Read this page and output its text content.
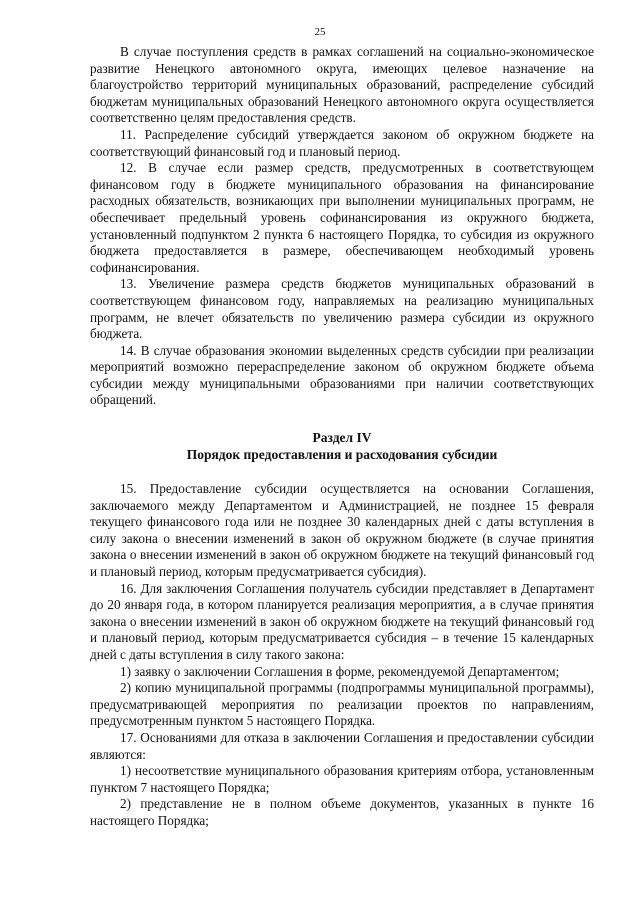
25

В случае поступления средств в рамках соглашений на социально-экономическое развитие Ненецкого автономного округа, имеющих целевое назначение на благоустройство территорий муниципальных образований, распределение субсидий бюджетам муниципальных образований Ненецкого автономного округа осуществляется соответственно целям предоставления средств.

11. Распределение субсидий утверждается законом об окружном бюджете на соответствующий финансовый год и плановый период.

12. В случае если размер средств, предусмотренных в соответствующем финансовом году в бюджете муниципального образования на финансирование расходных обязательств, возникающих при выполнении муниципальных программ, не обеспечивает предельный уровень софинансирования из окружного бюджета, установленный подпунктом 2 пункта 6 настоящего Порядка, то субсидия из окружного бюджета предоставляется в размере, обеспечивающем необходимый уровень софинансирования.

13. Увеличение размера средств бюджетов муниципальных образований в соответствующем финансовом году, направляемых на реализацию муниципальных программ, не влечет обязательств по увеличению размера субсидии из окружного бюджета.

14. В случае образования экономии выделенных средств субсидии при реализации мероприятий возможно перераспределение законом об окружном бюджете объема субсидии между муниципальными образованиями при наличии соответствующих обращений.

Раздел IV
Порядок предоставления и расходования субсидии

15. Предоставление субсидии осуществляется на основании Соглашения, заключаемого между Департаментом и Администрацией, не позднее 15 февраля текущего финансового года или не позднее 30 календарных дней с даты вступления в силу закона о внесении изменений в закон об окружном бюджете (в случае принятия закона о внесении изменений в закон об окружном бюджете на текущий финансовый год и плановый период, которым предусматривается субсидия).

16. Для заключения Соглашения получатель субсидии представляет в Департамент до 20 января года, в котором планируется реализация мероприятия, а в случае принятия закона о внесении изменений в закон об окружном бюджете на текущий финансовый год и плановый период, которым предусматривается субсидия – в течение 15 календарных дней с даты вступления в силу такого закона:

1) заявку о заключении Соглашения в форме, рекомендуемой Департаментом;

2) копию муниципальной программы (подпрограммы муниципальной программы), предусматривающей мероприятия по реализации проектов по направлениям, предусмотренным пунктом 5 настоящего Порядка.

17. Основаниями для отказа в заключении Соглашения и предоставлении субсидии являются:

1) несоответствие муниципального образования критериям отбора, установленным пунктом 7 настоящего Порядка;

2) представление не в полном объеме документов, указанных в пункте 16 настоящего Порядка;
